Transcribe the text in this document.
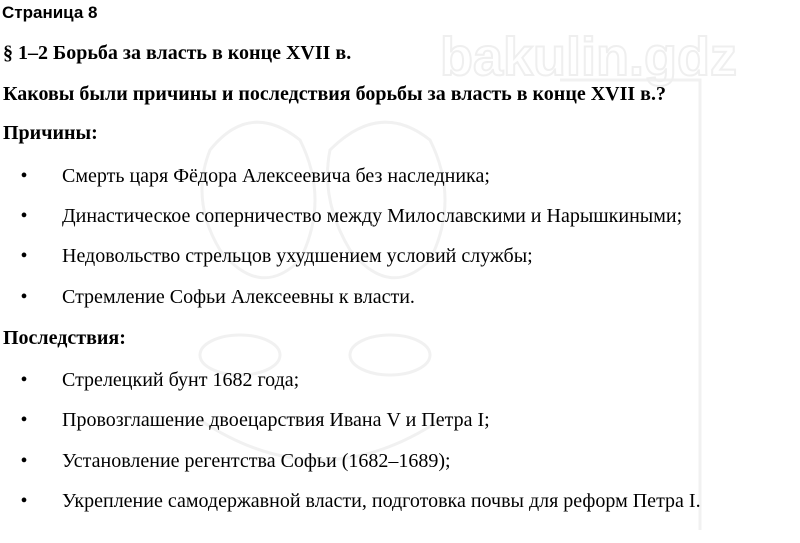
bakulin.gdz
Страница 8
§ 1–2 Борьба за власть в конце XVII в.
Каковы были причины и последствия борьбы за власть в конце XVII в.?
Причины:
• Смерть царя Фёдора Алексеевича без наследника;
• Династическое соперничество между Милославскими и Нарышкиными;
• Недовольство стрельцов ухудшением условий службы;
• Стремление Софьи Алексеевны к власти.
Последствия:
• Стрелецкий бунт 1682 года;
• Провозглашение двоецарствия Ивана V и Петра I;
• Установление регентства Софьи (1682–1689);
• Укрепление самодержавной власти, подготовка почвы для реформ Петра I.
